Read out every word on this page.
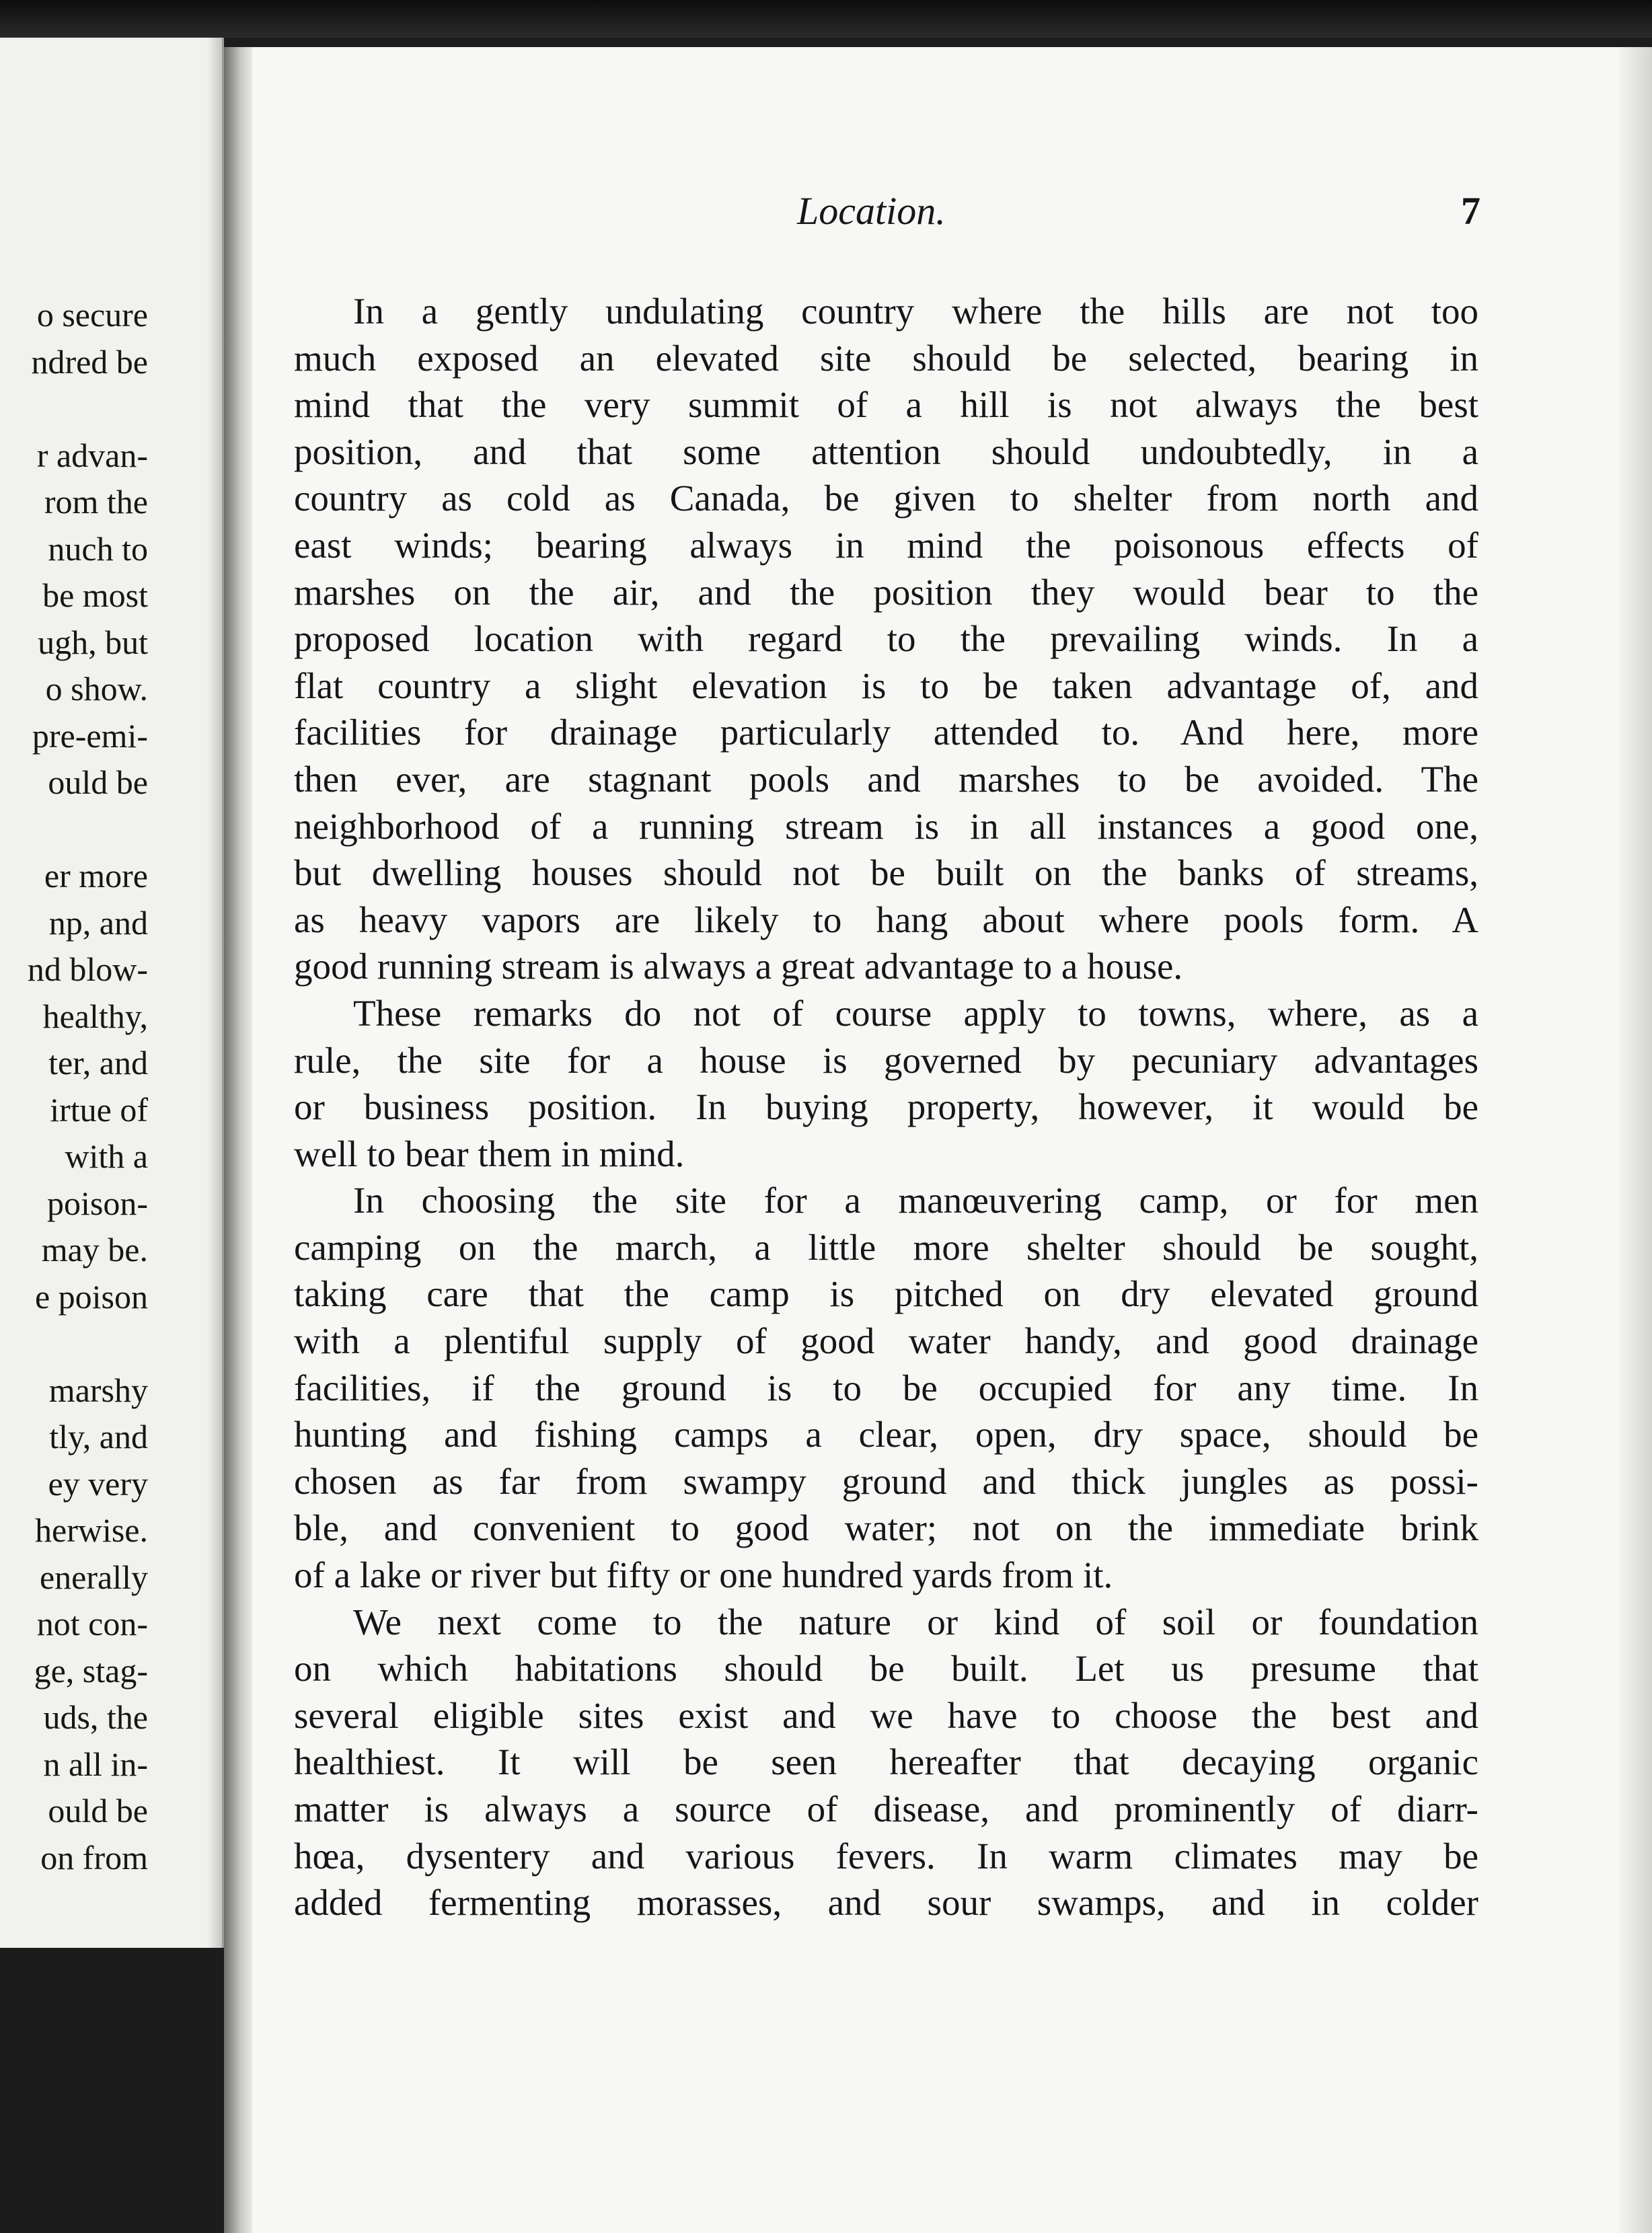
o secure
ndred be

r advan-
rom the
nuch to
be most
ugh, but
o show.
pre-emi-
ould be

er more
np, and
nd blow-
healthy,
ter, and
irtue of
with a
poison-
may be.
e poison

marshy
tly, and
ey very
herwise.
enerally
not con-
ge, stag-
uds, the
n all in-
ould be
on from
Location.	7
In a gently undulating country where the hills are not too
much exposed an elevated site should be selected, bearing in
mind that the very summit of a hill is not always the best
position, and that some attention should undoubtedly, in a
country as cold as Canada, be given to shelter from north and
east winds; bearing always in mind the poisonous effects of
marshes on the air, and the position they would bear to the
proposed location with regard to the prevailing winds. In a
flat country a slight elevation is to be taken advantage of, and
facilities for drainage particularly attended to. And here, more
then ever, are stagnant pools and marshes to be avoided. The
neighborhood of a running stream is in all instances a good one,
but dwelling houses should not be built on the banks of streams,
as heavy vapors are likely to hang about where pools form. A
good running stream is always a great advantage to a house.
These remarks do not of course apply to towns, where, as a
rule, the site for a house is governed by pecuniary advantages
or business position. In buying property, however, it would be
well to bear them in mind.
In choosing the site for a manœuvering camp, or for men
camping on the march, a little more shelter should be sought,
taking care that the camp is pitched on dry elevated ground
with a plentiful supply of good water handy, and good drainage
facilities, if the ground is to be occupied for any time. In
hunting and fishing camps a clear, open, dry space, should be
chosen as far from swampy ground and thick jungles as possi-
ble, and convenient to good water; not on the immediate brink
of a lake or river but fifty or one hundred yards from it.
We next come to the nature or kind of soil or foundation
on which habitations should be built. Let us presume that
several eligible sites exist and we have to choose the best and
healthiest. It will be seen hereafter that decaying organic
matter is always a source of disease, and prominently of diarr-
hœa, dysentery and various fevers. In warm climates may be
added fermenting morasses, and sour swamps, and in colder
